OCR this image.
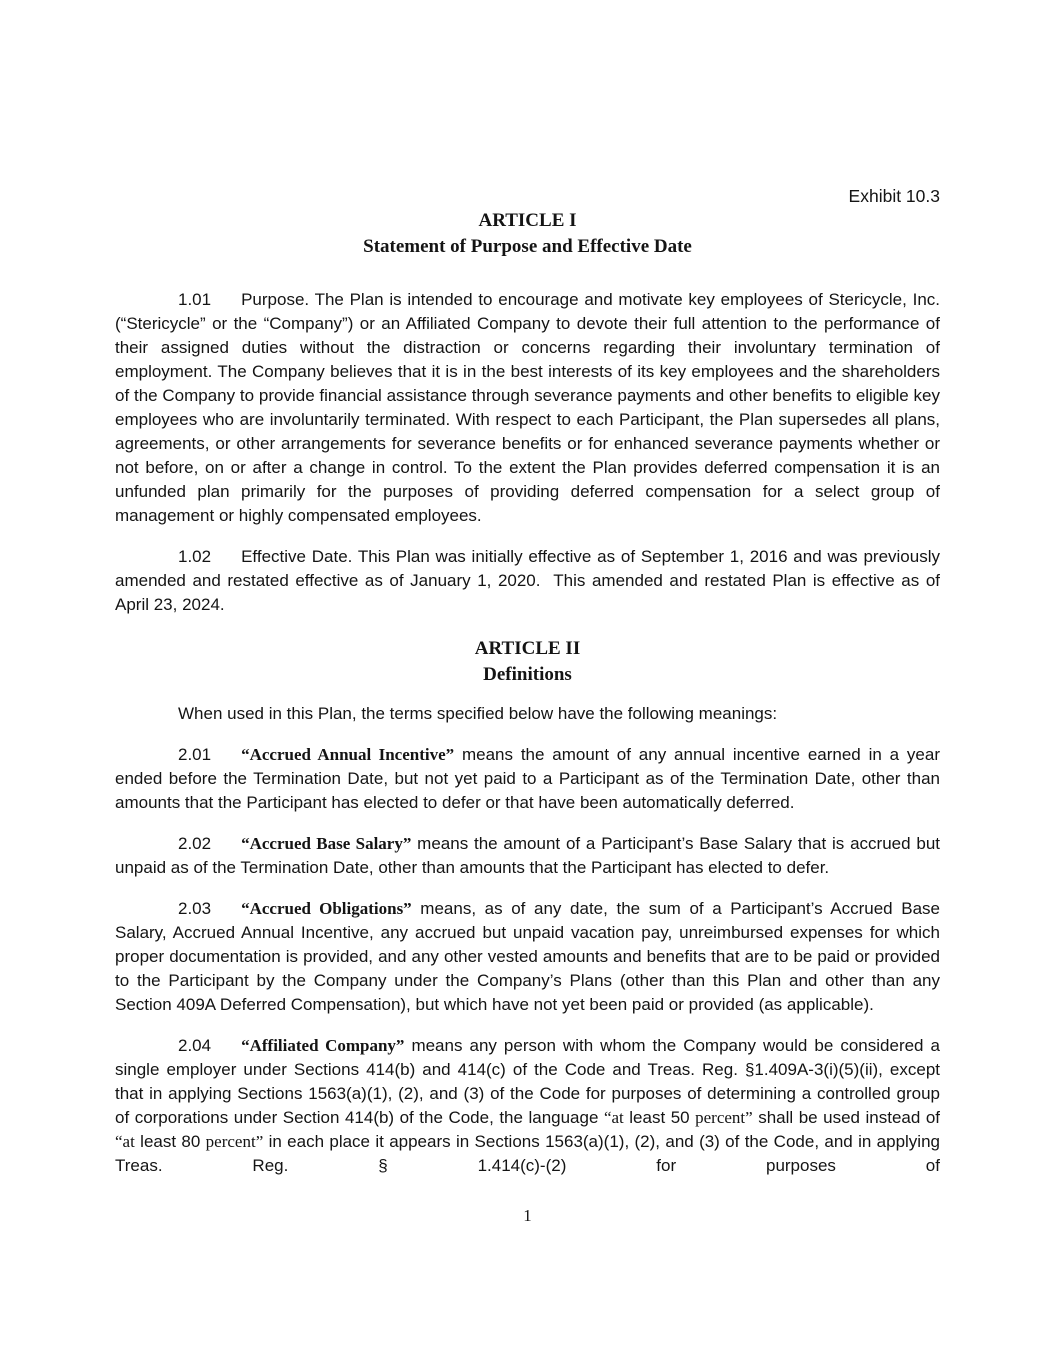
Exhibit 10.3
ARTICLE I
Statement of Purpose and Effective Date

1.01 Purpose. The Plan is intended to encourage and motivate key employees of Stericycle, Inc. (“Stericycle” or the “Company”) or an Affiliated Company to devote their full attention to the performance of their assigned duties without the distraction or concerns regarding their involuntary termination of employment. The Company believes that it is in the best interests of its key employees and the shareholders of the Company to provide financial assistance through severance payments and other benefits to eligible key employees who are involuntarily terminated. With respect to each Participant, the Plan supersedes all plans, agreements, or other arrangements for severance benefits or for enhanced severance payments whether or not before, on or after a change in control. To the extent the Plan provides deferred compensation it is an unfunded plan primarily for the purposes of providing deferred compensation for a select group of management or highly compensated employees.

1.02 Effective Date. This Plan was initially effective as of September 1, 2016 and was previously amended and restated effective as of January 1, 2020.  This amended and restated Plan is effective as of April 23, 2024.

ARTICLE II
Definitions

When used in this Plan, the terms specified below have the following meanings:

2.01 “Accrued Annual Incentive” means the amount of any annual incentive earned in a year ended before the Termination Date, but not yet paid to a Participant as of the Termination Date, other than amounts that the Participant has elected to defer or that have been automatically deferred.

2.02 “Accrued Base Salary” means the amount of a Participant’s Base Salary that is accrued but unpaid as of the Termination Date, other than amounts that the Participant has elected to defer.

2.03 “Accrued Obligations” means, as of any date, the sum of a Participant’s Accrued Base Salary, Accrued Annual Incentive, any accrued but unpaid vacation pay, unreimbursed expenses for which proper documentation is provided, and any other vested amounts and benefits that are to be paid or provided to the Participant by the Company under the Company’s Plans (other than this Plan and other than any Section 409A Deferred Compensation), but which have not yet been paid or provided (as applicable).

2.04 “Affiliated Company” means any person with whom the Company would be considered a single employer under Sections 414(b) and 414(c) of the Code and Treas. Reg. §1.409A-3(i)(5)(ii), except that in applying Sections 1563(a)(1), (2), and (3) of the Code for purposes of determining a controlled group of corporations under Section 414(b) of the Code, the language “at least 50 percent” shall be used instead of “at least 80 percent” in each place it appears in Sections 1563(a)(1), (2), and (3) of the Code, and in applying Treas. Reg. § 1.414(c)-(2) for purposes of

1
